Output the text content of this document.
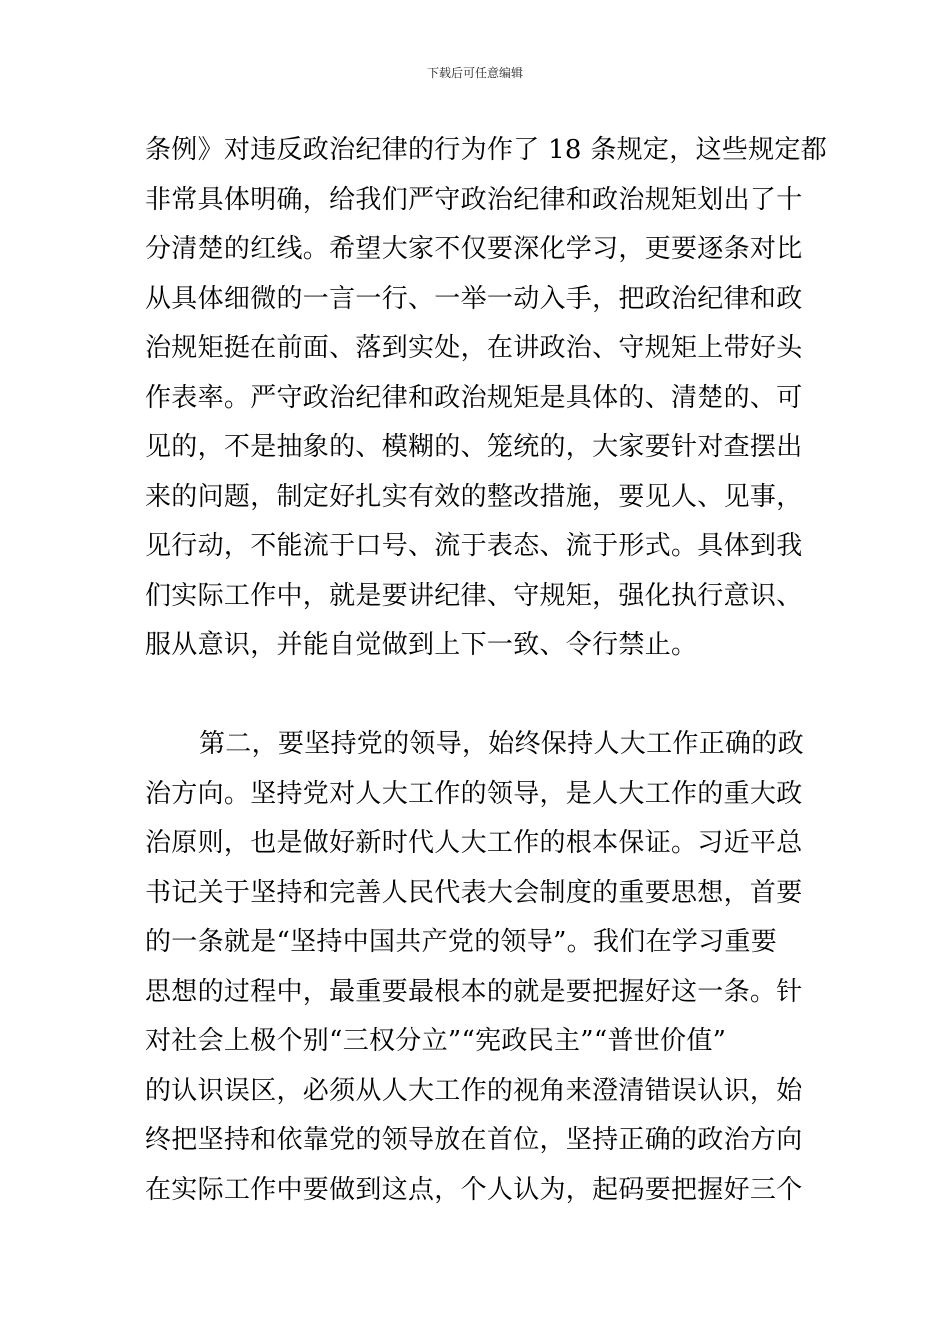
下载后可任意编辑
条例》对违反政治纪律的行为作了 18 条规定，这些规定都
非常具体明确，给我们严守政治纪律和政治规矩划出了十
分清楚的红线。希望大家不仅要深化学习，更要逐条对比
从具体细微的一言一行、一举一动入手，把政治纪律和政
治规矩挺在前面、落到实处，在讲政治、守规矩上带好头
作表率。严守政治纪律和政治规矩是具体的、清楚的、可
见的，不是抽象的、模糊的、笼统的，大家要针对查摆出
来的问题，制定好扎实有效的整改措施，要见人、见事，
见行动，不能流于口号、流于表态、流于形式。具体到我
们实际工作中，就是要讲纪律、守规矩，强化执行意识、
服从意识，并能自觉做到上下一致、令行禁止。
第二，要坚持党的领导，始终保持人大工作正确的政
治方向。坚持党对人大工作的领导，是人大工作的重大政
治原则，也是做好新时代人大工作的根本保证。习近平总
书记关于坚持和完善人民代表大会制度的重要思想，首要
的一条就是“坚持中国共产党的领导”。我们在学习重要
思想的过程中，最重要最根本的就是要把握好这一条。针
对社会上极个别“三权分立”“宪政民主”“普世价值”
的认识误区，必须从人大工作的视角来澄清错误认识，始
终把坚持和依靠党的领导放在首位，坚持正确的政治方向
在实际工作中要做到这点，个人认为，起码要把握好三个
